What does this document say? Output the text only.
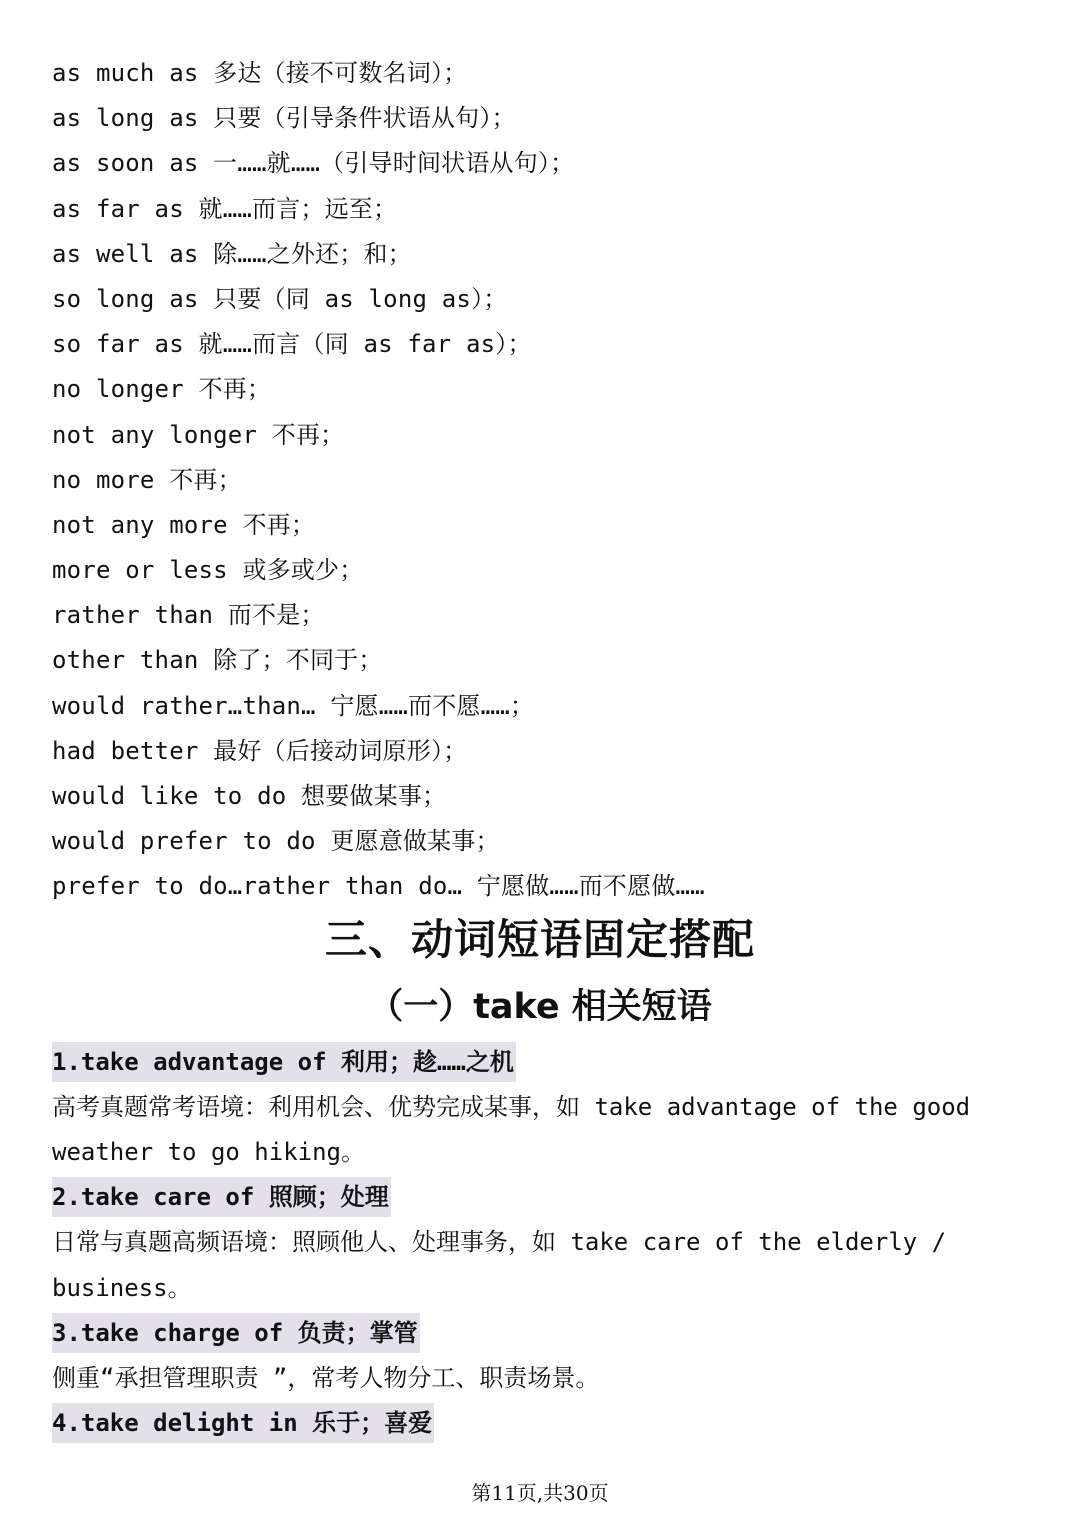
as much as 多达（接不可数名词）；
as long as 只要（引导条件状语从句）；
as soon as 一……就……（引导时间状语从句）；
as far as 就……而言；远至；
as well as 除……之外还；和；
so long as 只要（同 as long as）；
so far as 就……而言（同 as far as）；
no longer 不再；
not any longer 不再；
no more 不再；
not any more 不再；
more or less 或多或少；
rather than 而不是；
other than 除了；不同于；
would rather…than… 宁愿……而不愿……；
had better 最好（后接动词原形）；
would like to do 想要做某事；
would prefer to do 更愿意做某事；
prefer to do…rather than do… 宁愿做……而不愿做……
三、动词短语固定搭配
（一）take 相关短语
1.take advantage of 利用；趁……之机
高考真题常考语境：利用机会、优势完成某事，如 take advantage of the good weather to go hiking。
2.take care of 照顾；处理
日常与真题高频语境：照顾他人、处理事务，如 take care of the elderly / business。
3.take charge of 负责；掌管
侧重“承担管理职责 ”，常考人物分工、职责场景。
4.take delight in 乐于；喜爱
第11页,共30页
